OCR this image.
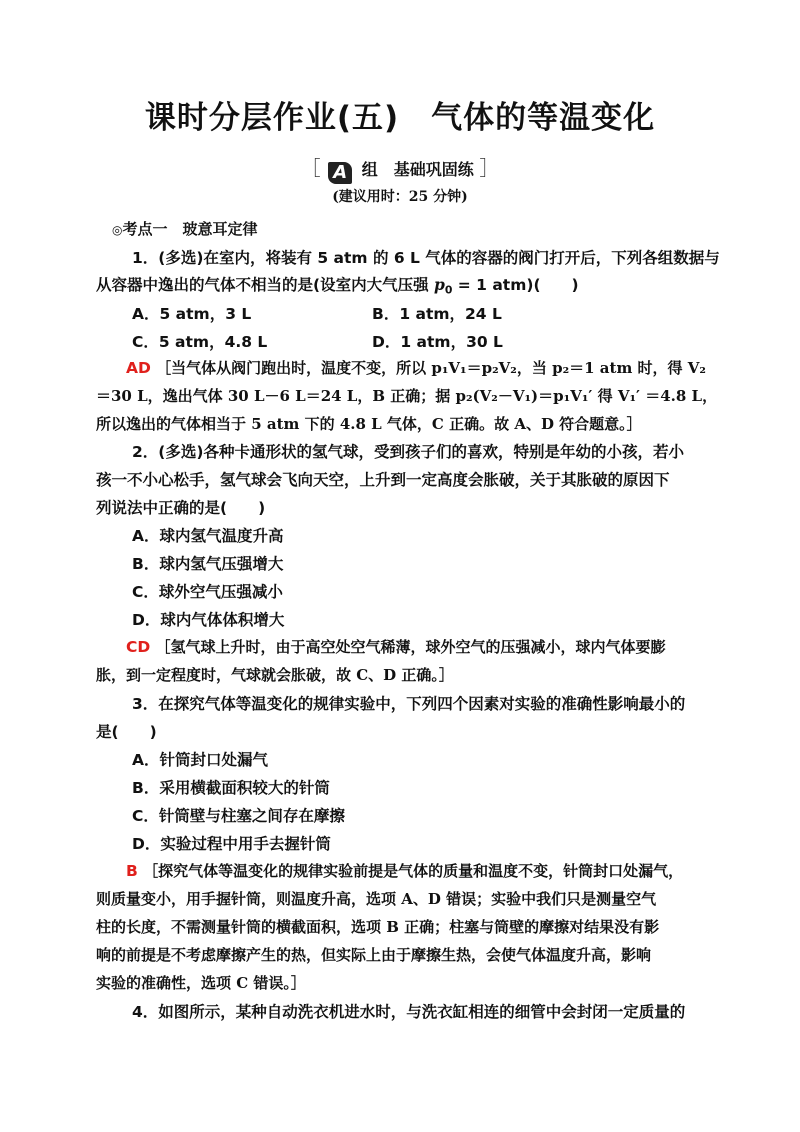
课时分层作业(五)　气体的等温变化
［ A 组　基础巩固练 ］
(建议用时：25 分钟)
◎考点一　玻意耳定律
1．(多选)在室内，将装有 5 atm 的 6 L 气体的容器的阀门打开后，下列各组数据与
从容器中逸出的气体不相当的是(设室内大气压强 $p_0 = 1$ atm)(　　)
A．5 atm，3 L	B．1 atm，24 L
C．5 atm，4.8 L	D．1 atm，30 L
AD ［当气体从阀门跑出时，温度不变，所以 p₁V₁＝p₂V₂，当 p₂＝1 atm 时，得 V₂
＝30 L，逸出气体 30 L－6 L＝24 L，B 正确；据 p₂(V₂－V₁)＝p₁V₁′ 得 V₁′ ＝4.8 L，
所以逸出的气体相当于 5 atm 下的 4.8 L 气体，C 正确。故 A、D 符合题意。］
2．(多选)各种卡通形状的氢气球，受到孩子们的喜欢，特别是年幼的小孩，若小
孩一不小心松手，氢气球会飞向天空，上升到一定高度会胀破，关于其胀破的原因下
列说法中正确的是(　　)
A．球内氢气温度升高
B．球内氢气压强增大
C．球外空气压强减小
D．球内气体体积增大
CD ［氢气球上升时，由于高空处空气稀薄，球外空气的压强减小，球内气体要膨
胀，到一定程度时，气球就会胀破，故 C、D 正确。］
3．在探究气体等温变化的规律实验中，下列四个因素对实验的准确性影响最小的
是(　　)
A．针筒封口处漏气
B．采用横截面积较大的针筒
C．针筒壁与柱塞之间存在摩擦
D．实验过程中用手去握针筒
B ［探究气体等温变化的规律实验前提是气体的质量和温度不变，针筒封口处漏气，
则质量变小，用手握针筒，则温度升高，选项 A、D 错误；实验中我们只是测量空气
柱的长度，不需测量针筒的横截面积，选项 B 正确；柱塞与筒壁的摩擦对结果没有影
响的前提是不考虑摩擦产生的热，但实际上由于摩擦生热，会使气体温度升高，影响
实验的准确性，选项 C 错误。］
4．如图所示，某种自动洗衣机进水时，与洗衣缸相连的细管中会封闭一定质量的
